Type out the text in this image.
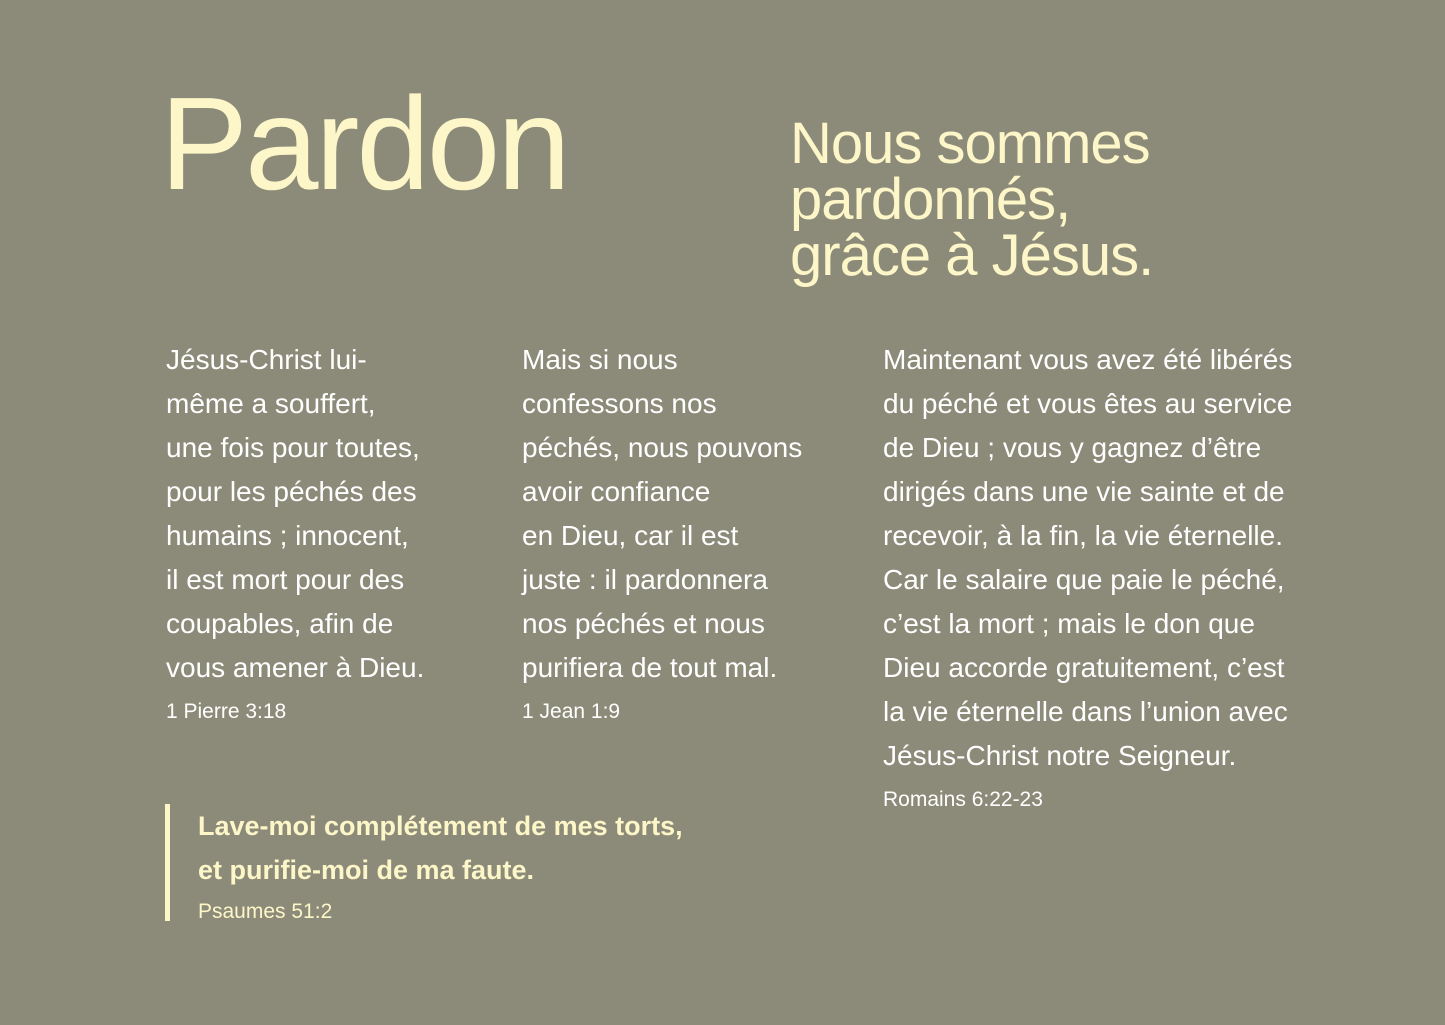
Pardon	Nous sommes
pardonnés,
grâce à Jésus.
Jésus-Christ lui-
même a souffert,
une fois pour toutes,
pour les péchés des
humains ; innocent,
il est mort pour des
coupables, afin de
vous amener à Dieu.
1 Pierre 3:18
Mais si nous
confessons nos
péchés, nous pouvons
avoir confiance
en Dieu, car il est
juste : il pardonnera
nos péchés et nous
purifiera de tout mal.
1 Jean 1:9
Maintenant vous avez été libérés
du péché et vous êtes au service
de Dieu ; vous y gagnez d’être
dirigés dans une vie sainte et de
recevoir, à la fin, la vie éternelle.
Car le salaire que paie le péché,
c’est la mort ; mais le don que
Dieu accorde gratuitement, c’est
la vie éternelle dans l’union avec
Jésus-Christ notre Seigneur.
Romains 6:22-23
Lave-moi complétement de mes torts,
et purifie-moi de ma faute.
Psaumes 51:2
